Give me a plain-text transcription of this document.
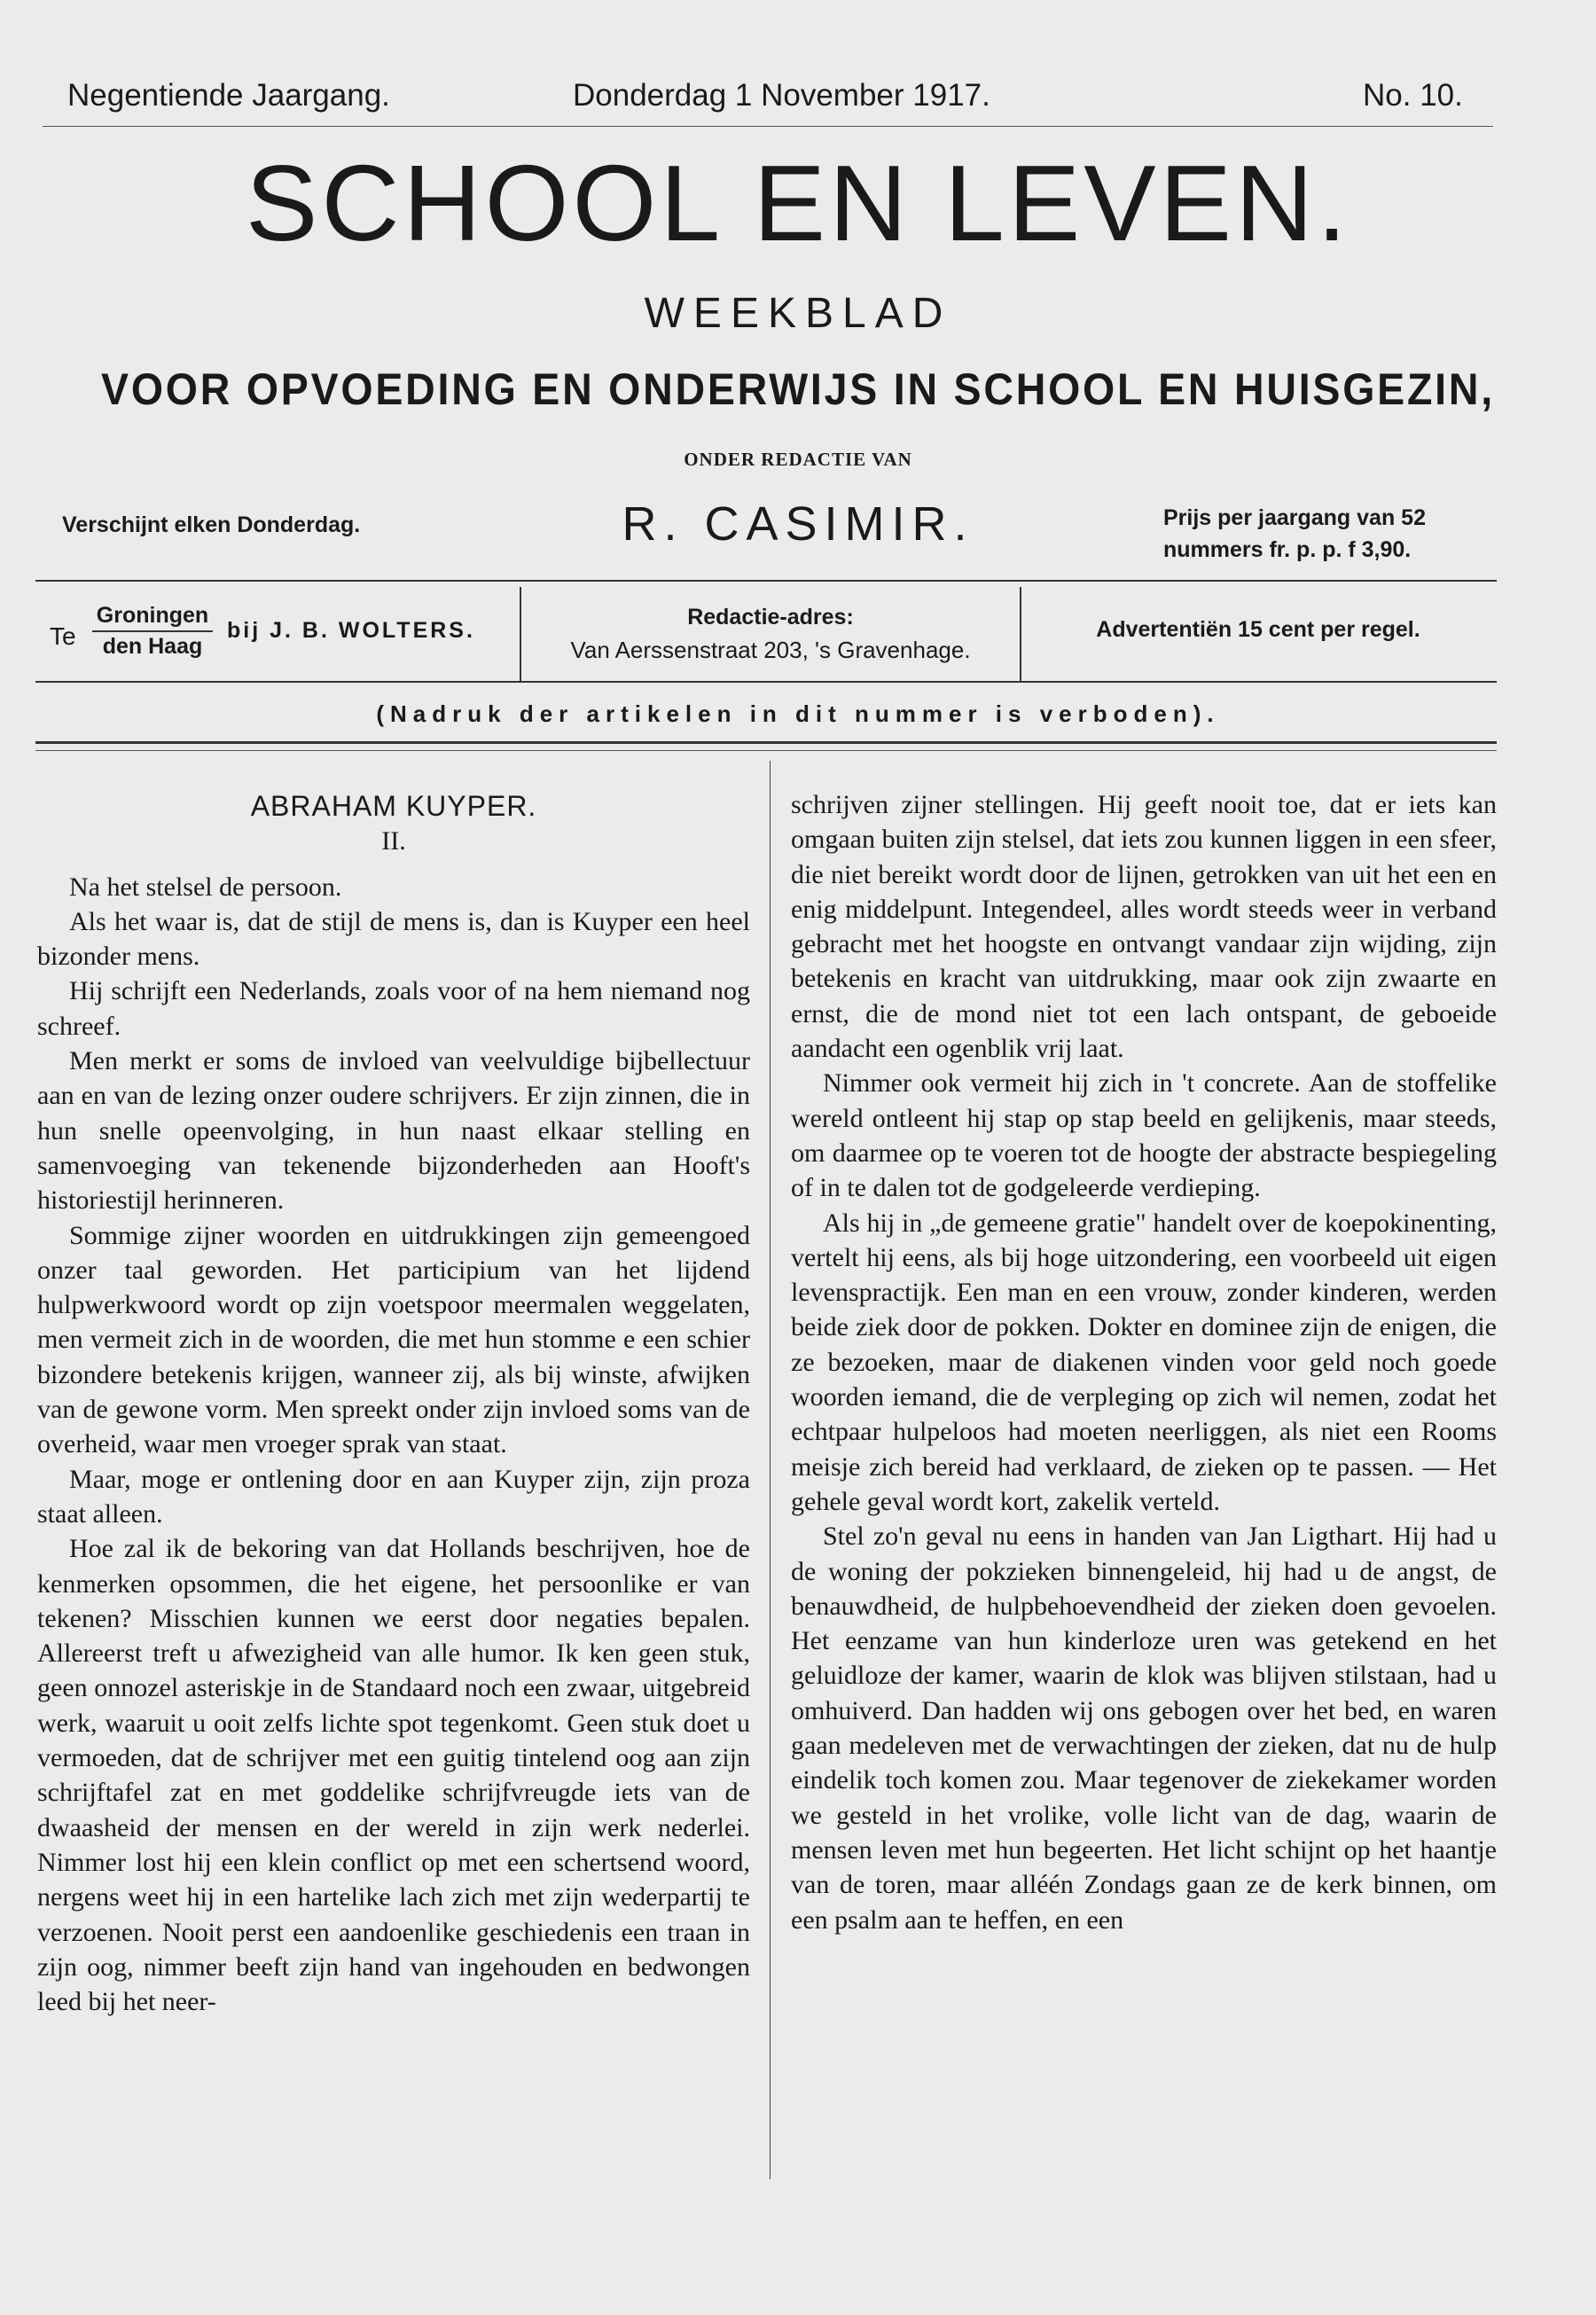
Negentiende Jaargang.	Donderdag 1 November 1917.	No. 10.
SCHOOL EN LEVEN.
WEEKBLAD
VOOR OPVOEDING EN ONDERWIJS IN SCHOOL EN HUISGEZIN,
ONDER REDACTIE VAN
R. CASIMIR.
Verschijnt elken Donderdag.	Prijs per jaargang van 52
nummers fr. p. p. f 3,90.
Te
Groningen
den Haag
bij J. B. WOLTERS.
Redactie-adres:
Van Aerssenstraat 203, 's Gravenhage.
Advertentiën 15 cent per regel.
(Nadruk der artikelen in dit nummer is verboden).

ABRAHAM KUYPER.

II.

Na het stelsel de persoon.

Als het waar is, dat de stijl de mens is, dan is Kuyper een heel bizonder mens.

Hij schrijft een Nederlands, zoals voor of na hem niemand nog schreef.

Men merkt er soms de invloed van veelvuldige bijbellectuur aan en van de lezing onzer oudere schrijvers. Er zijn zinnen, die in hun snelle opeenvolging, in hun naast elkaar stelling en samenvoeging van tekenende bijzonderheden aan Hooft's historiestijl herinneren.

Sommige zijner woorden en uitdrukkingen zijn gemeengoed onzer taal geworden. Het participium van het lijdend hulpwerkwoord wordt op zijn voetspoor meermalen weggelaten, men vermeit zich in de woorden, die met hun stomme e een schier bizondere betekenis krijgen, wanneer zij, als bij winste, afwijken van de gewone vorm. Men spreekt onder zijn invloed soms van de overheid, waar men vroeger sprak van staat.

Maar, moge er ontlening door en aan Kuyper zijn, zijn proza staat alleen.

Hoe zal ik de bekoring van dat Hollands beschrijven, hoe de kenmerken opsommen, die het eigene, het persoonlike er van tekenen? Misschien kunnen we eerst door negaties bepalen. Allereerst treft u afwezigheid van alle humor. Ik ken geen stuk, geen onnozel asteriskje in de Standaard noch een zwaar, uitgebreid werk, waaruit u ooit zelfs lichte spot tegenkomt. Geen stuk doet u vermoeden, dat de schrijver met een guitig tintelend oog aan zijn schrijftafel zat en met goddelike schrijfvreugde iets van de dwaasheid der mensen en der wereld in zijn werk nederlei. Nimmer lost hij een klein conflict op met een schertsend woord, nergens weet hij in een hartelike lach zich met zijn wederpartij te verzoenen. Nooit perst een aandoenlike geschiedenis een traan in zijn oog, nimmer beeft zijn hand van ingehouden en bedwongen leed bij het neer-

schrijven zijner stellingen. Hij geeft nooit toe, dat er iets kan omgaan buiten zijn stelsel, dat iets zou kunnen liggen in een sfeer, die niet bereikt wordt door de lijnen, getrokken van uit het een en enig middelpunt. Integendeel, alles wordt steeds weer in verband gebracht met het hoogste en ontvangt vandaar zijn wijding, zijn betekenis en kracht van uitdrukking, maar ook zijn zwaarte en ernst, die de mond niet tot een lach ontspant, de geboeide aandacht een ogenblik vrij laat.

Nimmer ook vermeit hij zich in 't concrete. Aan de stoffelike wereld ontleent hij stap op stap beeld en gelijkenis, maar steeds, om daarmee op te voeren tot de hoogte der abstracte bespiegeling of in te dalen tot de godgeleerde verdieping.

Als hij in „de gemeene gratie" handelt over de koepokinenting, vertelt hij eens, als bij hoge uitzondering, een voorbeeld uit eigen levenspractijk. Een man en een vrouw, zonder kinderen, werden beide ziek door de pokken. Dokter en dominee zijn de enigen, die ze bezoeken, maar de diakenen vinden voor geld noch goede woorden iemand, die de verpleging op zich wil nemen, zodat het echtpaar hulpeloos had moeten neerliggen, als niet een Rooms meisje zich bereid had verklaard, de zieken op te passen. — Het gehele geval wordt kort, zakelik verteld.

Stel zo'n geval nu eens in handen van Jan Ligthart. Hij had u de woning der pokzieken binnengeleid, hij had u de angst, de benauwdheid, de hulpbehoevendheid der zieken doen gevoelen. Het eenzame van hun kinderloze uren was getekend en het geluidloze der kamer, waarin de klok was blijven stilstaan, had u omhuiverd. Dan hadden wij ons gebogen over het bed, en waren gaan medeleven met de verwachtingen der zieken, dat nu de hulp eindelik toch komen zou. Maar tegenover de ziekekamer worden we gesteld in het vrolike, volle licht van de dag, waarin de mensen leven met hun begeerten. Het licht schijnt op het haantje van de toren, maar alléén Zondags gaan ze de kerk binnen, om een psalm aan te heffen, en een
